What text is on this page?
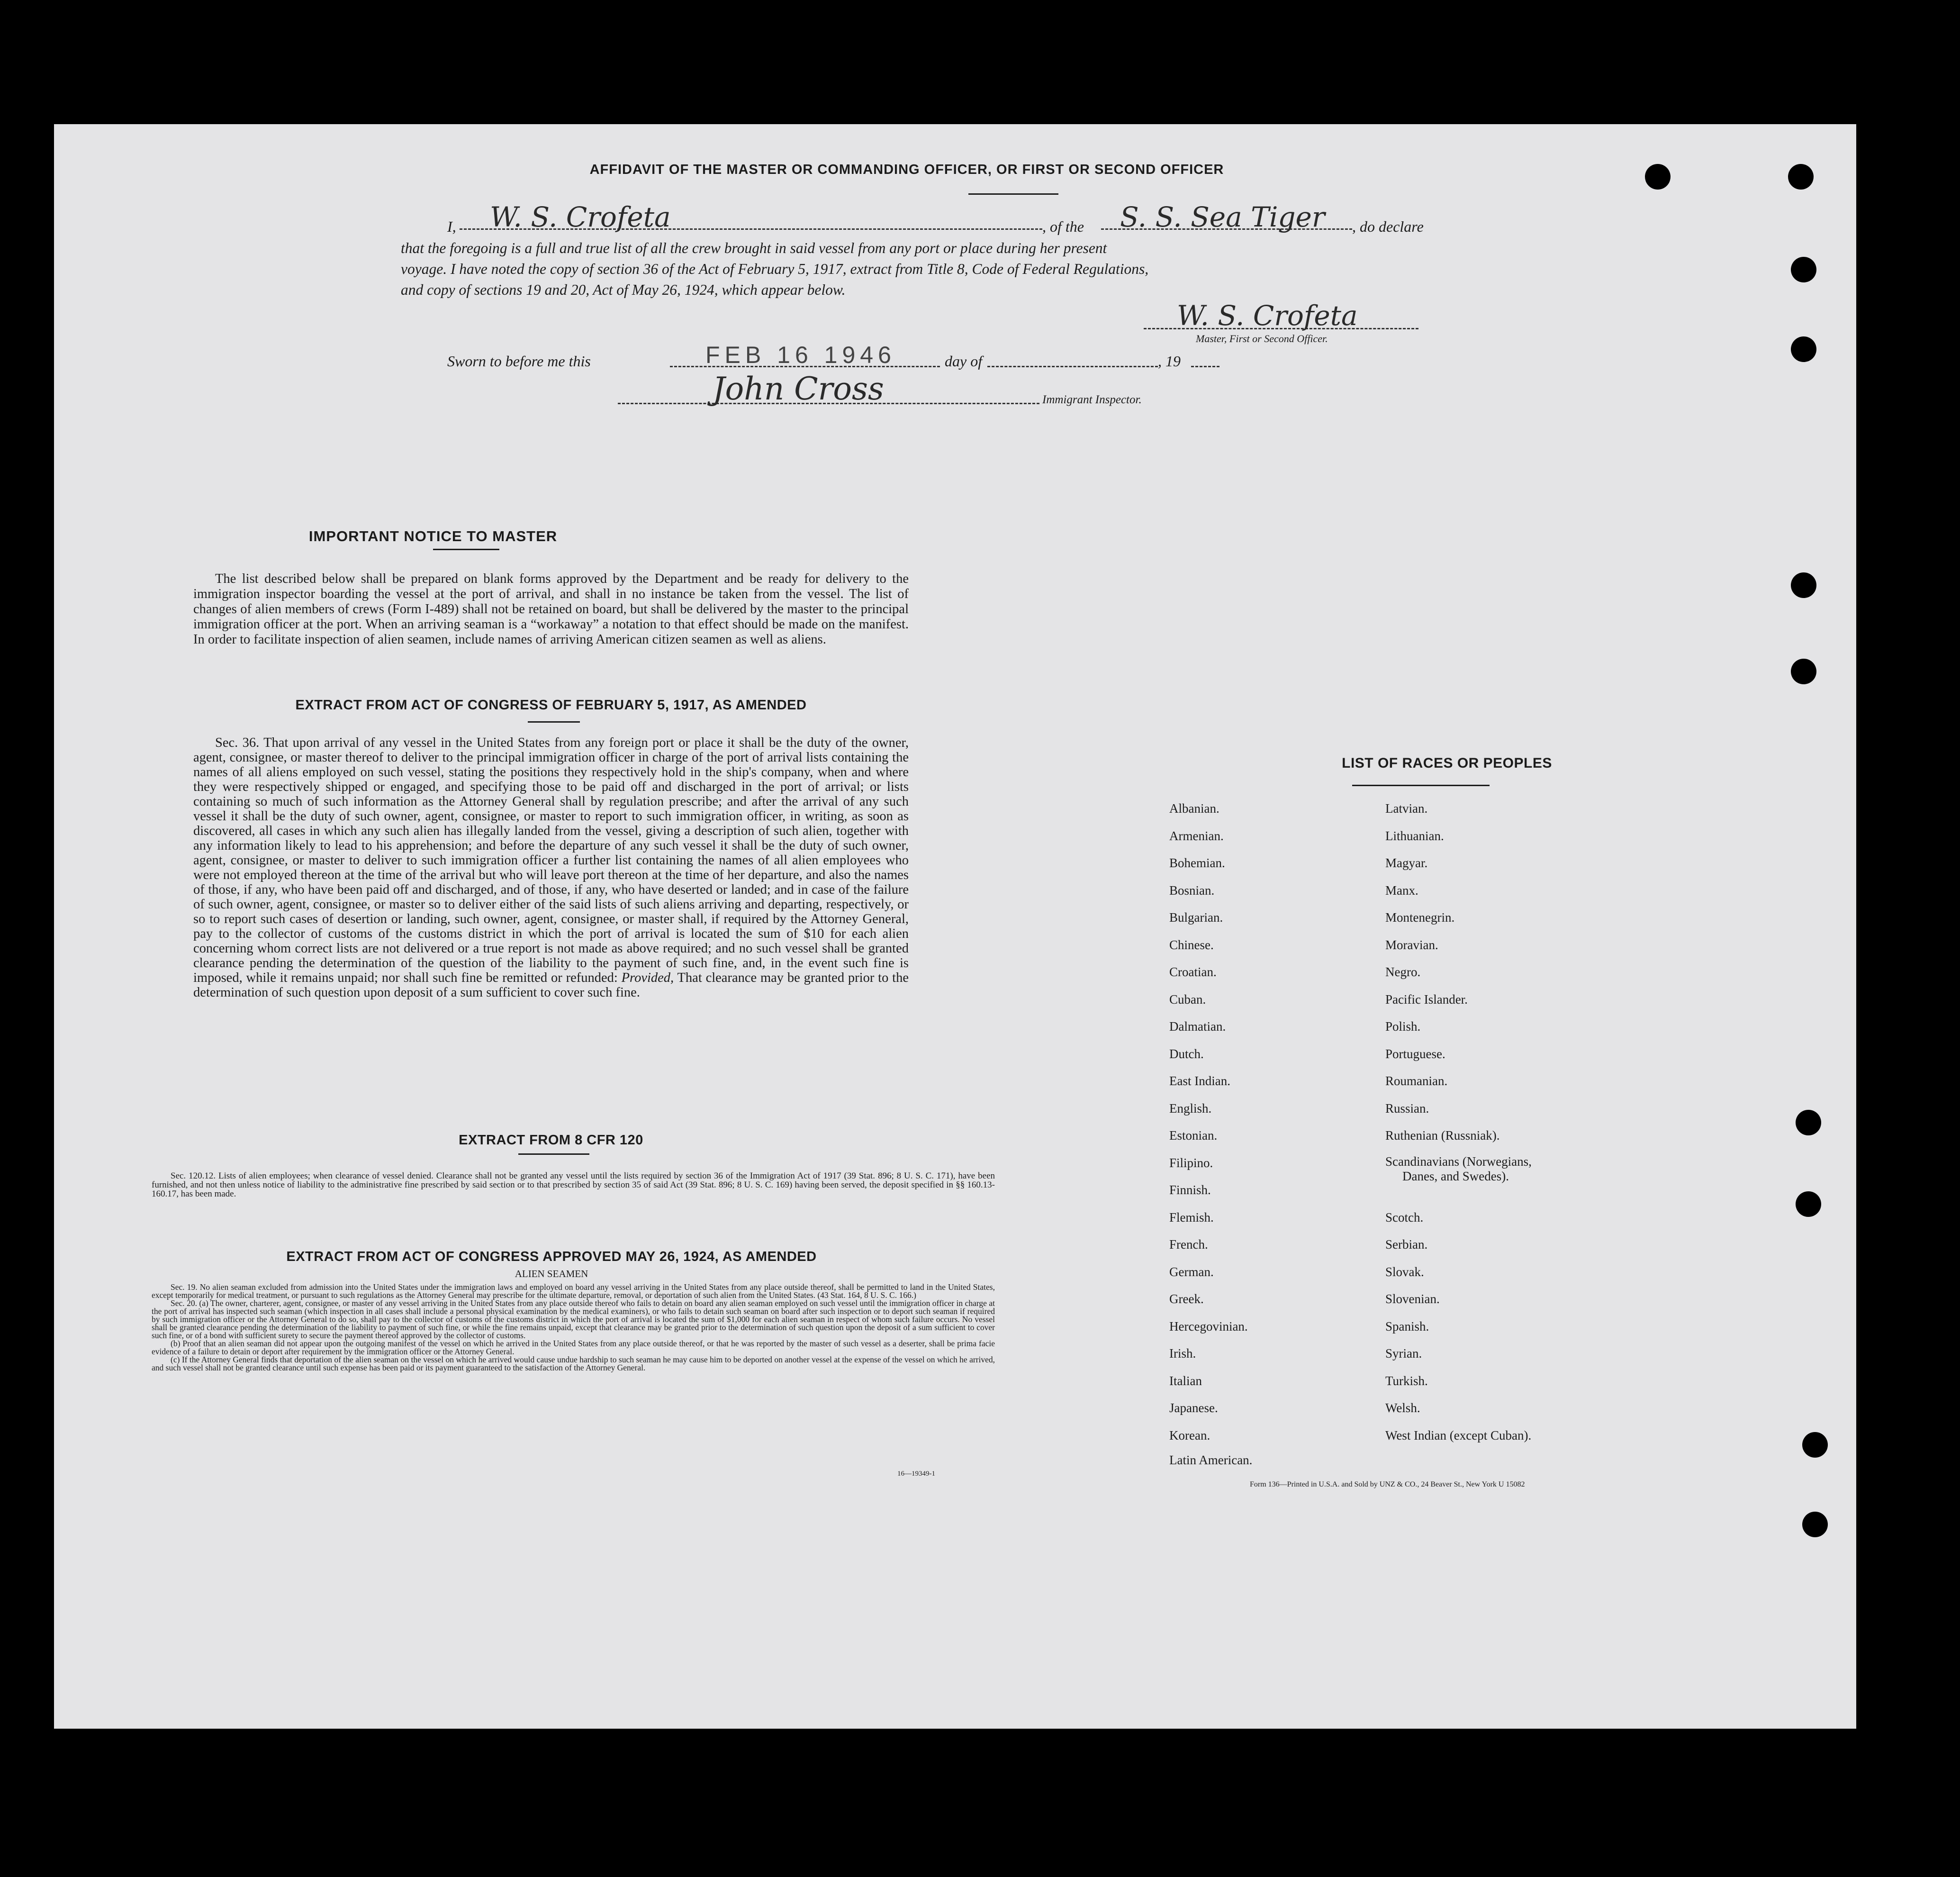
AFFIDAVIT OF THE MASTER OR COMMANDING OFFICER, OR FIRST OR SECOND OFFICER
I, W. S. Crofeta	, of the S. S. Sea Tiger , do declare
that the foregoing is a full and true list of all the crew brought in said vessel from any port or place during her present
voyage. I have noted the copy of section 36 of the Act of February 5, 1917, extract from Title 8, Code of Federal Regulations,
and copy of sections 19 and 20, Act of May 26, 1924, which appear below.
W. S. Crofeta
Master, First or Second Officer.
Sworn to before me this	FEB 16 1946	day of	, 19
John Cross	Immigrant Inspector.
IMPORTANT NOTICE TO MASTER
The list described below shall be prepared on blank forms approved by the Department and be ready for delivery to the immigration inspector boarding the vessel at the port of arrival, and shall in no instance be taken from the vessel. The list of changes of alien members of crews (Form I-489) shall not be retained on board, but shall be delivered by the master to the principal immigration officer at the port. When an arriving seaman is a “workaway” a notation to that effect should be made on the manifest. In order to facilitate inspection of alien seamen, include names of arriving American citizen seamen as well as aliens.
EXTRACT FROM ACT OF CONGRESS OF FEBRUARY 5, 1917, AS AMENDED
Sec. 36. That upon arrival of any vessel in the United States from any foreign port or place it shall be the duty of the owner, agent, consignee, or master thereof to deliver to the principal immigration officer in charge of the port of arrival lists containing the names of all aliens employed on such vessel, stating the positions they respectively hold in the ship's company, when and where they were respectively shipped or engaged, and specifying those to be paid off and discharged in the port of arrival; or lists containing so much of such information as the Attorney General shall by regulation prescribe; and after the arrival of any such vessel it shall be the duty of such owner, agent, consignee, or master to report to such immigration officer, in writing, as soon as discovered, all cases in which any such alien has illegally landed from the vessel, giving a description of such alien, together with any information likely to lead to his apprehension; and before the departure of any such vessel it shall be the duty of such owner, agent, consignee, or master to deliver to such immigration officer a further list containing the names of all alien employees who were not employed thereon at the time of the arrival but who will leave port thereon at the time of her departure, and also the names of those, if any, who have been paid off and discharged, and of those, if any, who have deserted or landed; and in case of the failure of such owner, agent, consignee, or master so to deliver either of the said lists of such aliens arriving and departing, respectively, or so to report such cases of desertion or landing, such owner, agent, consignee, or master shall, if required by the Attorney General, pay to the collector of customs of the customs district in which the port of arrival is located the sum of $10 for each alien concerning whom correct lists are not delivered or a true report is not made as above required; and no such vessel shall be granted clearance pending the determination of the question of the liability to the payment of such fine, and, in the event such fine is imposed, while it remains unpaid; nor shall such fine be remitted or refunded: Provided, That clearance may be granted prior to the determination of such question upon deposit of a sum sufficient to cover such fine.
EXTRACT FROM 8 CFR 120
Sec. 120.12. Lists of alien employees; when clearance of vessel denied. Clearance shall not be granted any vessel until the lists required by section 36 of the Immigration Act of 1917 (39 Stat. 896; 8 U. S. C. 171), have been furnished, and not then unless notice of liability to the administrative fine prescribed by said section or to that prescribed by section 35 of said Act (39 Stat. 896; 8 U. S. C. 169) having been served, the deposit specified in §§ 160.13-160.17, has been made.
EXTRACT FROM ACT OF CONGRESS APPROVED MAY 26, 1924, AS AMENDED
ALIEN SEAMEN
Sec. 19. No alien seaman excluded from admission into the United States under the immigration laws and employed on board any vessel arriving in the United States from any place outside thereof, shall be permitted to land in the United States, except temporarily for medical treatment, or pursuant to such regulations as the Attorney General may prescribe for the ultimate departure, removal, or deportation of such alien from the United States. (43 Stat. 164, 8 U. S. C. 166.)
Sec. 20. (a) The owner, charterer, agent, consignee, or master of any vessel arriving in the United States from any place outside thereof who fails to detain on board any alien seaman employed on such vessel until the immigration officer in charge at the port of arrival has inspected such seaman (which inspection in all cases shall include a personal physical examination by the medical examiners), or who fails to detain such seaman on board after such inspection or to deport such seaman if required by such immigration officer or the Attorney General to do so, shall pay to the collector of customs of the customs district in which the port of arrival is located the sum of $1,000 for each alien seaman in respect of whom such failure occurs. No vessel shall be granted clearance pending the determination of the liability to payment of such fine, or while the fine remains unpaid, except that clearance may be granted prior to the determination of such question upon the deposit of a sum sufficient to cover such fine, or of a bond with sufficient surety to secure the payment thereof approved by the collector of customs.
(b) Proof that an alien seaman did not appear upon the outgoing manifest of the vessel on which he arrived in the United States from any place outside thereof, or that he was reported by the master of such vessel as a deserter, shall be prima facie evidence of a failure to detain or deport after requirement by the immigration officer or the Attorney General.
(c) If the Attorney General finds that deportation of the alien seaman on the vessel on which he arrived would cause undue hardship to such seaman he may cause him to be deported on another vessel at the expense of the vessel on which he arrived, and such vessel shall not be granted clearance until such expense has been paid or its payment guaranteed to the satisfaction of the Attorney General.
16—19349-1
LIST OF RACES OR PEOPLES
Albanian.
Armenian.
Bohemian.
Bosnian.
Bulgarian.
Chinese.
Croatian.
Cuban.
Dalmatian.
Dutch.
East Indian.
English.
Estonian.
Filipino.
Finnish.
Flemish.
French.
German.
Greek.
Hercegovinian.
Irish.
Italian
Japanese.
Korean.
Latin American.
Latvian.
Lithuanian.
Magyar.
Manx.
Montenegrin.
Moravian.
Negro.
Pacific Islander.
Polish.
Portuguese.
Roumanian.
Russian.
Ruthenian (Russniak).
Scandinavians (Norwegians,
Danes, and Swedes).
Scotch.
Serbian.
Slovak.
Slovenian.
Spanish.
Syrian.
Turkish.
Welsh.
West Indian (except Cuban).
Form 136—Printed in U.S.A. and Sold by UNZ & CO., 24 Beaver St., New York U 15082
